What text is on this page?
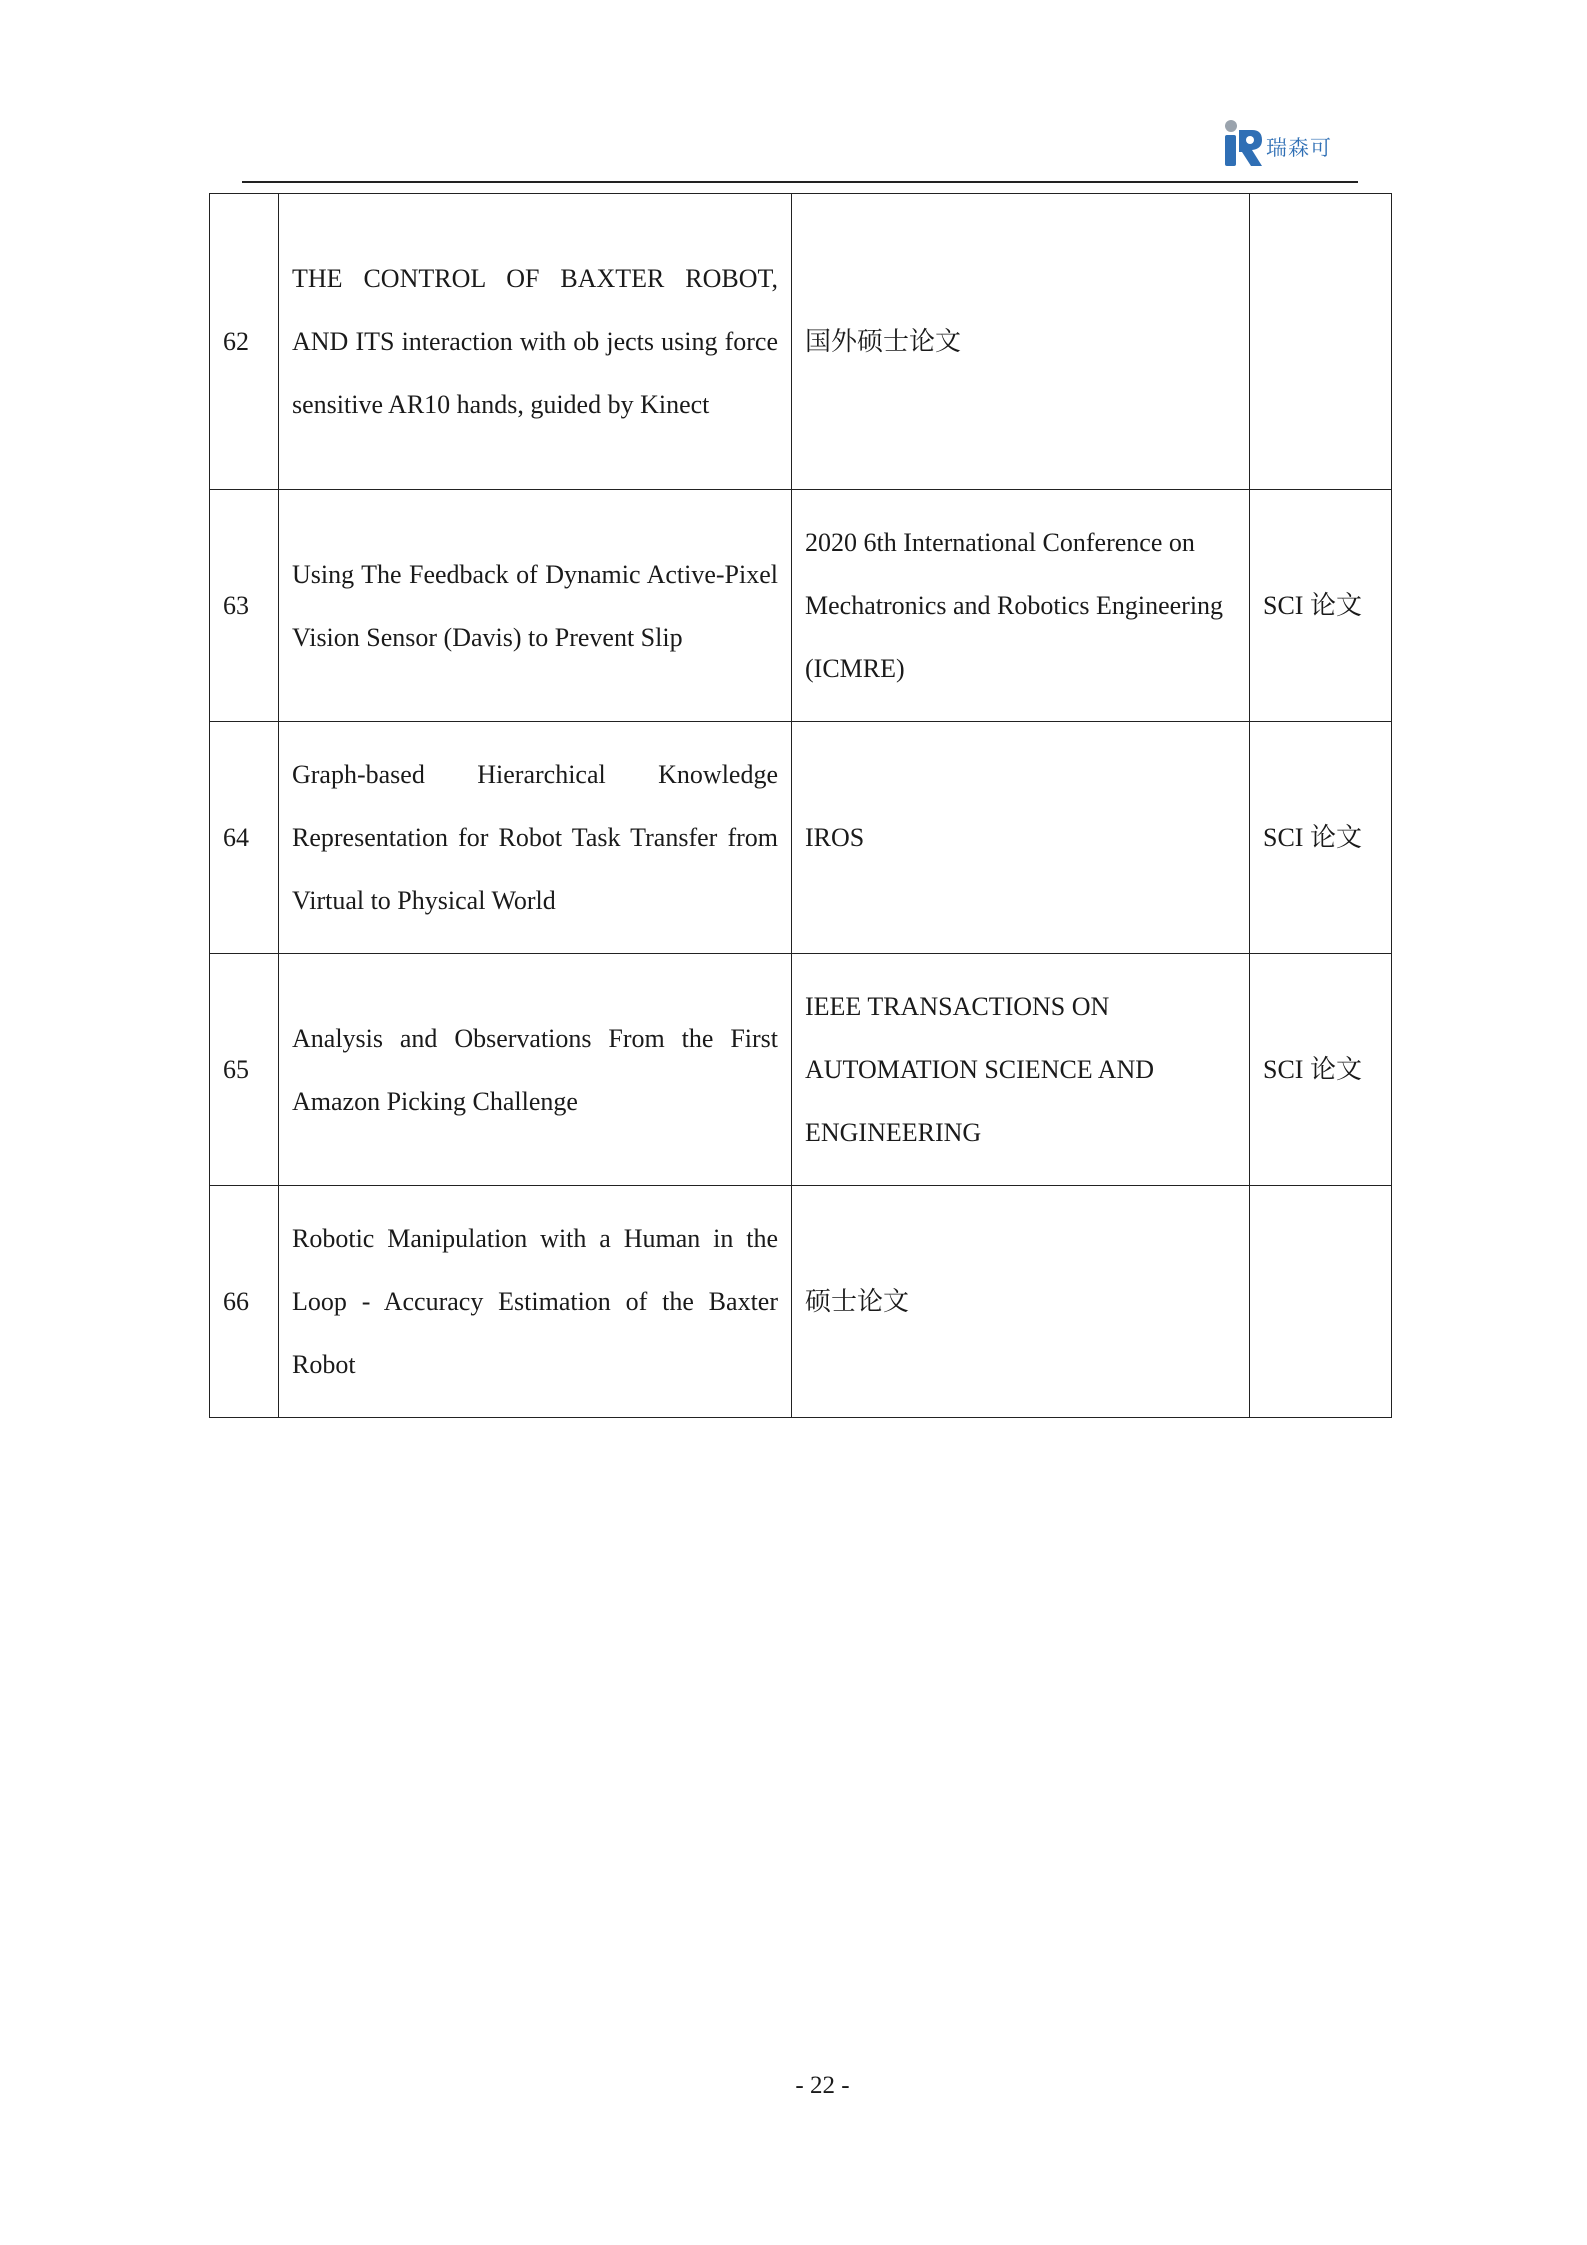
瑞森可
62	THE CONTROL OF BAXTER ROBOT, AND ITS interaction with ob jects using force sensitive AR10 hands, guided by Kinect	国外硕士论文	
63	Using The Feedback of Dynamic Active-Pixel Vision Sensor (Davis) to Prevent Slip	2020 6th International Conference on Mechatronics and Robotics Engineering (ICMRE)	SCI 论文
64	Graph-based Hierarchical Knowledge Representation for Robot Task Transfer from Virtual to Physical World	IROS	SCI 论文
65	Analysis and Observations From the First Amazon Picking Challenge	IEEE TRANSACTIONS ON AUTOMATION SCIENCE AND ENGINEERING	SCI 论文
66	Robotic Manipulation with a Human in the Loop - Accuracy Estimation of the Baxter Robot	硕士论文	
- 22 -
